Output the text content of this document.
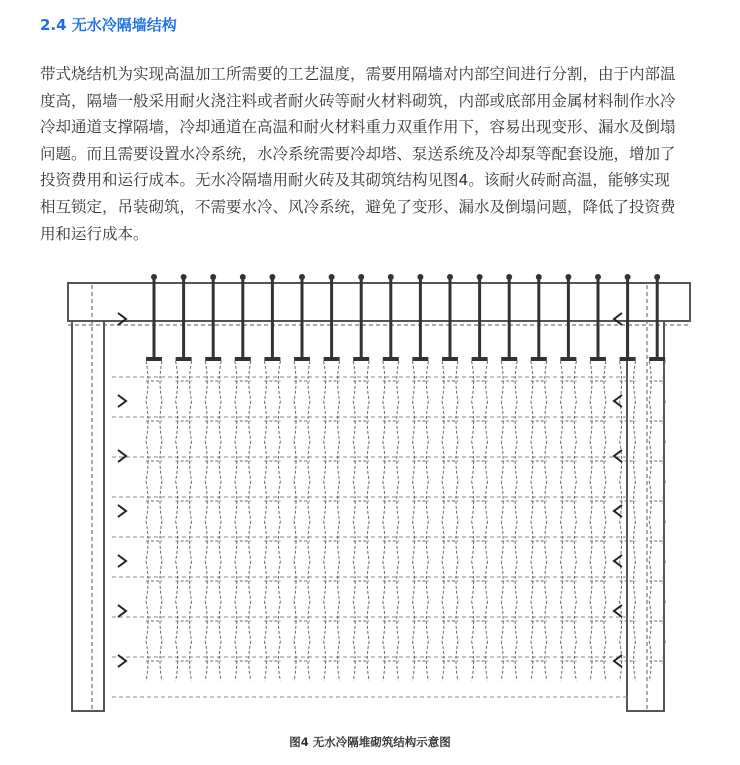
2.4 无水冷隔墙结构
带式烧结机为实现高温加工所需要的工艺温度，需要用隔墙对内部空间进行分割，由于内部温
度高，隔墙一般采用耐火浇注料或者耐火砖等耐火材料砌筑，内部或底部用金属材料制作水冷
冷却通道支撑隔墙，冷却通道在高温和耐火材料重力双重作用下，容易出现变形、漏水及倒塌
问题。而且需要设置水冷系统，水冷系统需要冷却塔、泵送系统及冷却泵等配套设施，增加了
投资费用和运行成本。无水冷隔墙用耐火砖及其砌筑结构见图4。该耐火砖耐高温，能够实现
相互锁定，吊装砌筑，不需要水冷、风冷系统，避免了变形、漏水及倒塌问题，降低了投资费
用和运行成本。
图4 无水冷隔堆砌筑结构示意图
